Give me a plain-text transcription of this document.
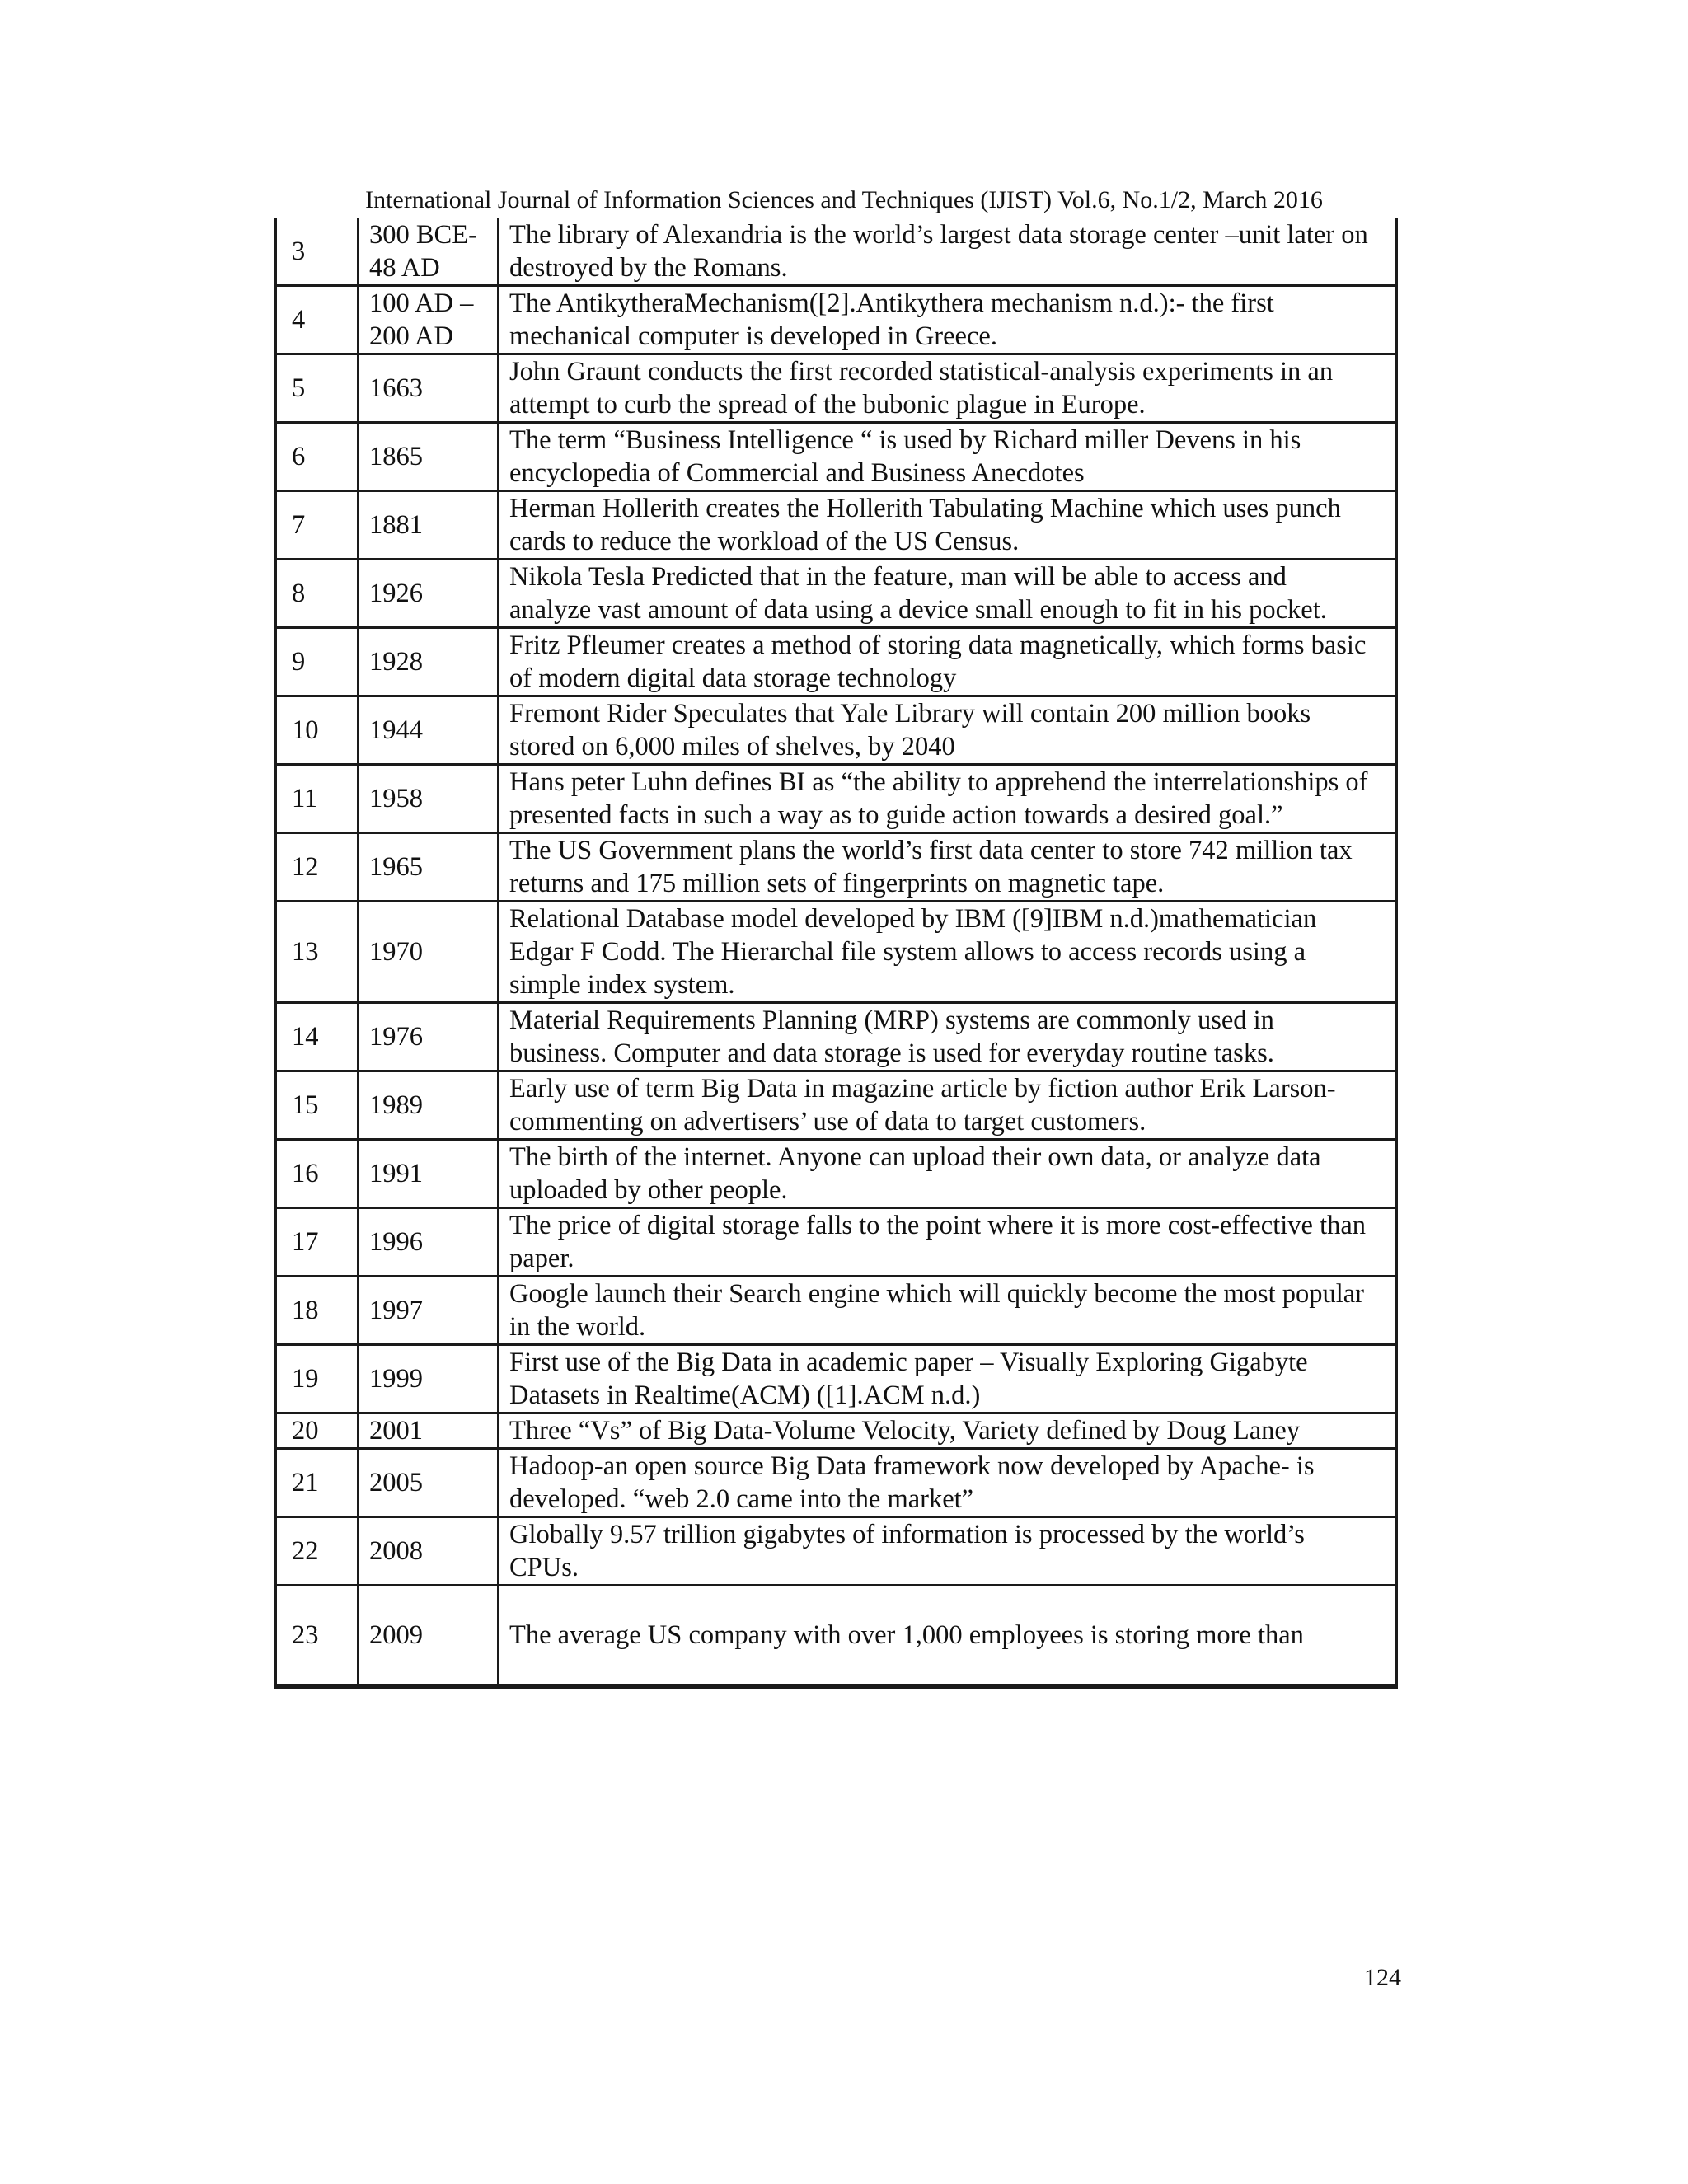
International Journal of Information Sciences and Techniques (IJIST) Vol.6, No.1/2, March 2016
3	300 BCE- 48 AD	The library of Alexandria is the world’s largest data storage center –unit later on destroyed by the Romans.
4	100 AD – 200 AD	The AntikytheraMechanism([2].Antikythera mechanism n.d.):- the first mechanical computer is developed in Greece.
5	1663	John Graunt conducts the first recorded statistical-analysis experiments in an attempt to curb the spread of the bubonic plague in Europe.
6	1865	The term “Business Intelligence “ is used by Richard miller Devens in his encyclopedia of Commercial and Business Anecdotes
7	1881	Herman Hollerith creates the Hollerith Tabulating Machine which uses punch cards to reduce the workload of the US Census.
8	1926	Nikola Tesla Predicted that in the feature, man will be able to access and analyze vast amount of data using a device small enough to fit in his pocket.
9	1928	Fritz Pfleumer creates a method of storing data magnetically, which forms basic of modern digital data storage technology
10	1944	Fremont Rider Speculates that Yale Library will contain 200 million books stored on 6,000 miles of shelves, by 2040
11	1958	Hans peter Luhn defines BI as “the ability to apprehend the interrelationships of presented facts in such a way as to guide action towards a desired goal.”
12	1965	The US Government plans the world’s first data center to store 742 million tax returns and 175 million sets of fingerprints on magnetic tape.
13	1970	Relational Database model developed by IBM ([9]IBM n.d.)mathematician Edgar F Codd. The Hierarchal file system allows to access records using a simple index system.
14	1976	Material Requirements Planning (MRP) systems are commonly used in business. Computer and data storage is used for everyday routine tasks.
15	1989	Early use of term Big Data in magazine article by fiction author Erik Larson- commenting on advertisers’ use of data to target customers.
16	1991	The birth of the internet. Anyone can upload their own data, or analyze data uploaded by other people.
17	1996	The price of digital storage falls to the point where it is more cost-effective than paper.
18	1997	Google launch their Search engine which will quickly become the most popular in the world.
19	1999	First use of the Big Data in academic paper – Visually Exploring Gigabyte Datasets in Realtime(ACM) ([1].ACM n.d.)
20	2001	Three “Vs” of Big Data-Volume Velocity, Variety defined by Doug Laney
21	2005	Hadoop-an open source Big Data framework now developed by Apache- is developed. “web 2.0 came into the market”
22	2008	Globally 9.57 trillion gigabytes of information is processed by the world’s CPUs.
23	2009	The average US company with over 1,000 employees is storing more than

124
